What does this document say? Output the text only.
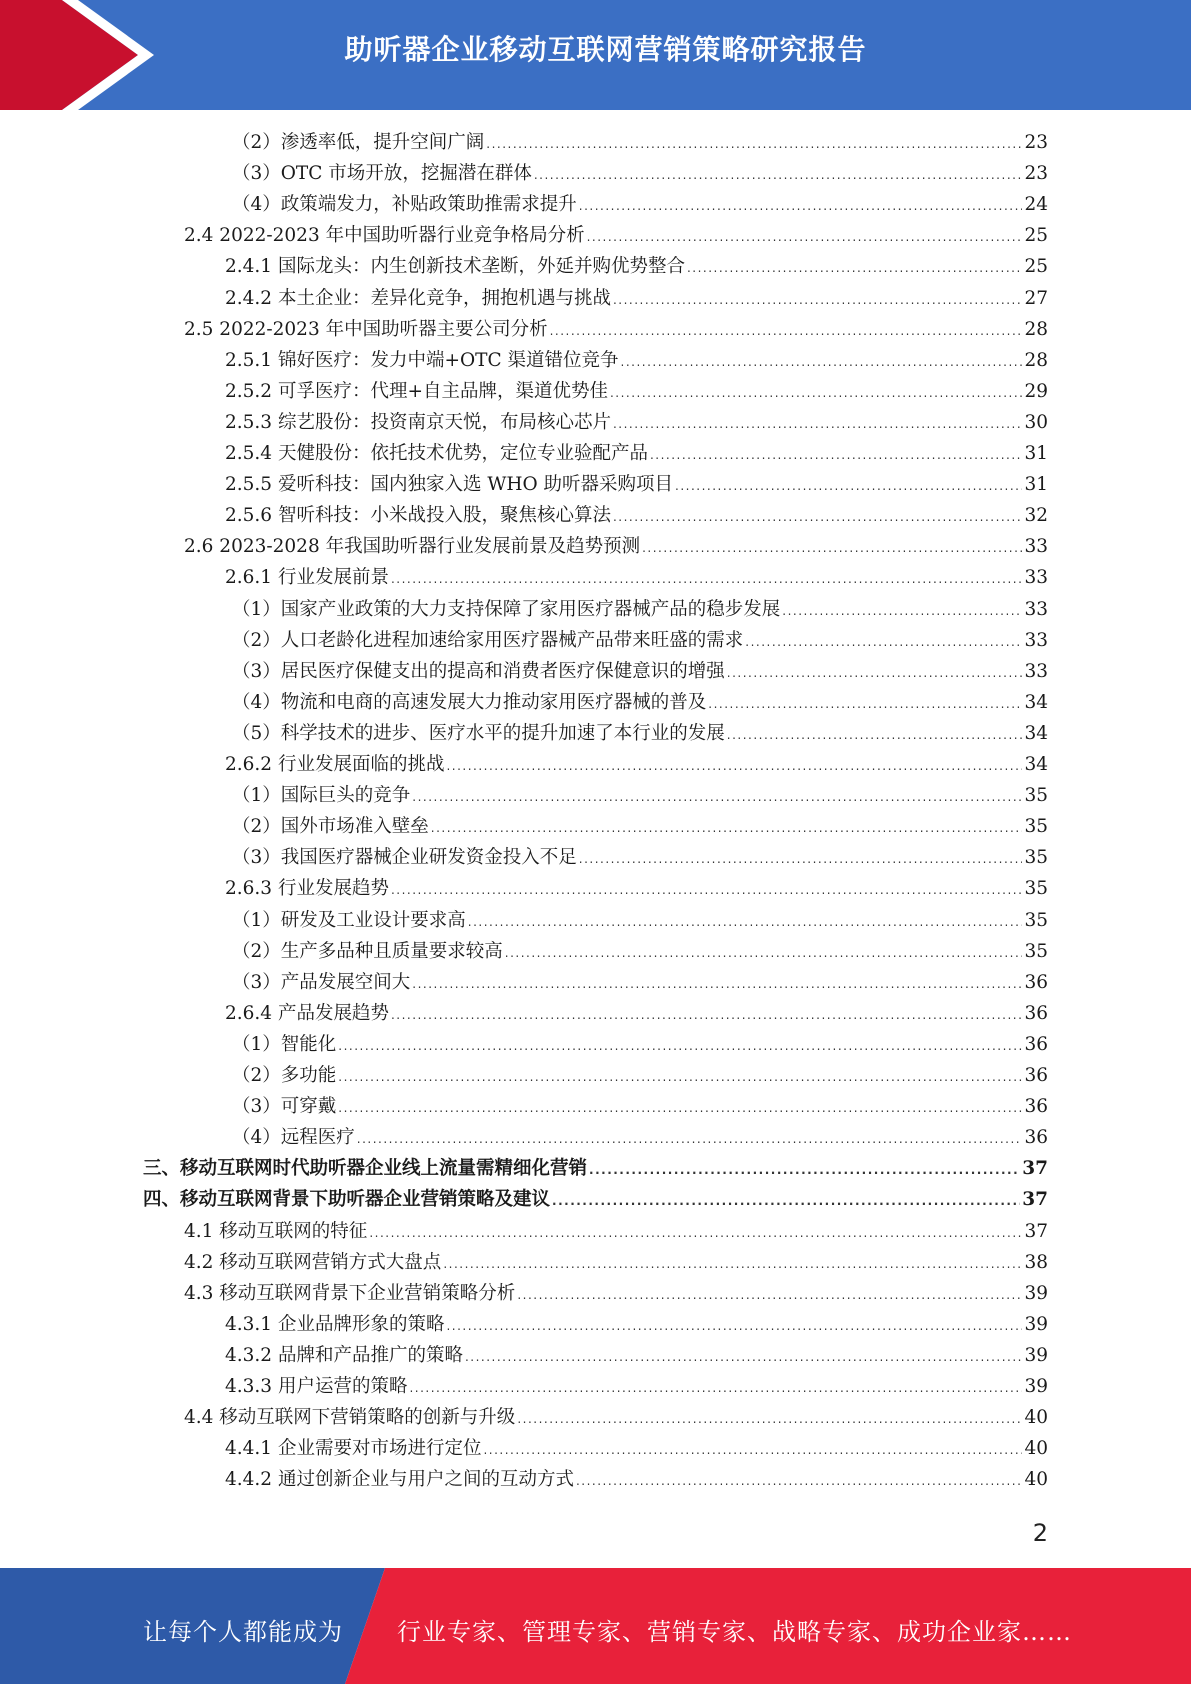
助听器企业移动互联网营销策略研究报告
（2）渗透率低，提升空间广阔 .....	23
（3）OTC 市场开放，挖掘潜在群体 .....	23
（4）政策端发力，补贴政策助推需求提升 .....	24
2.4 2022-2023 年中国助听器行业竞争格局分析 .....	25
2.4.1 国际龙头：内生创新技术垄断，外延并购优势整合 .....	25
2.4.2 本土企业：差异化竞争，拥抱机遇与挑战 .....	27
2.5 2022-2023 年中国助听器主要公司分析 .....	28
2.5.1 锦好医疗：发力中端+OTC 渠道错位竞争 .....	28
2.5.2 可孚医疗：代理+自主品牌，渠道优势佳 .....	29
2.5.3 综艺股份：投资南京天悦，布局核心芯片 .....	30
2.5.4 天健股份：依托技术优势，定位专业验配产品 .....	31
2.5.5 爱听科技：国内独家入选 WHO 助听器采购项目 .....	31
2.5.6 智听科技：小米战投入股，聚焦核心算法 .....	32
2.6 2023-2028 年我国助听器行业发展前景及趋势预测 .....	33
2.6.1 行业发展前景 .....	33
（1）国家产业政策的大力支持保障了家用医疗器械产品的稳步发展 .....	33
（2）人口老龄化进程加速给家用医疗器械产品带来旺盛的需求 .....	33
（3）居民医疗保健支出的提高和消费者医疗保健意识的增强 .....	33
（4）物流和电商的高速发展大力推动家用医疗器械的普及 .....	34
（5）科学技术的进步、医疗水平的提升加速了本行业的发展 .....	34
2.6.2 行业发展面临的挑战 .....	34
（1）国际巨头的竞争 .....	35
（2）国外市场准入壁垒 .....	35
（3）我国医疗器械企业研发资金投入不足 .....	35
2.6.3 行业发展趋势 .....	35
（1）研发及工业设计要求高 .....	35
（2）生产多品种且质量要求较高 .....	35
（3）产品发展空间大 .....	36
2.6.4 产品发展趋势 .....	36
（1）智能化 .....	36
（2）多功能 .....	36
（3）可穿戴 .....	36
（4）远程医疗 .....	36
三、移动互联网时代助听器企业线上流量需精细化营销 .....	37
四、移动互联网背景下助听器企业营销策略及建议 .....	37
4.1 移动互联网的特征 .....	37
4.2 移动互联网营销方式大盘点 .....	38
4.3 移动互联网背景下企业营销策略分析 .....	39
4.3.1 企业品牌形象的策略 .....	39
4.3.2 品牌和产品推广的策略 .....	39
4.3.3 用户运营的策略 .....	39
4.4 移动互联网下营销策略的创新与升级 .....	40
4.4.1 企业需要对市场进行定位 .....	40
4.4.2 通过创新企业与用户之间的互动方式 .....	40
2
让每个人都能成为 行业专家、管理专家、营销专家、战略专家、成功企业家……
